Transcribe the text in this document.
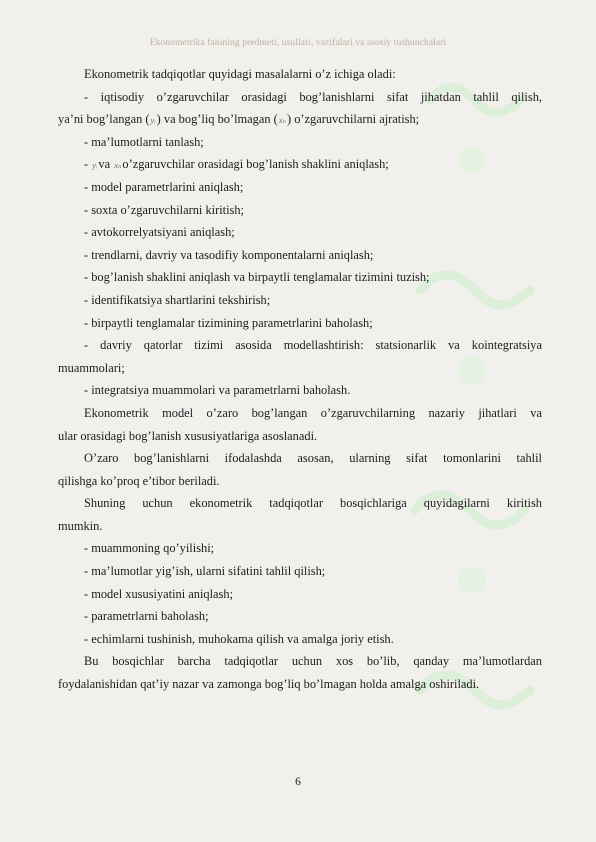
Ekonometrika fanining predmeti, usullari, vazifalari va asosiy tushunchalari
Ekonometrik tadqiqotlar quyidagi masalalarni o’z ichiga oladi:
- iqtisodiy o’zgaruvchilar orasidagi bog’lanishlarni sifat jihatdan tahlil qilish,
ya’ni bog’langan (yᵢ) va bog’liq bo’lmagan (xₙ) o’zgaruvchilarni ajratish;
- ma’lumotlarni tanlash;
- yᵢva xₙo’zgaruvchilar orasidagi bog’lanish shaklini aniqlash;
- model parametrlarini aniqlash;
- soxta o’zgaruvchilarni kiritish;
- avtokorrelyatsiyani aniqlash;
- trendlarni, davriy va tasodifiy komponentalarni aniqlash;
- bog’lanish shaklini aniqlash va birpaytli tenglamalar tizimini tuzish;
- identifikatsiya shartlarini tekshirish;
- birpaytli tenglamalar tizimining parametrlarini baholash;
- davriy qatorlar tizimi asosida modellashtirish: statsionarlik va kointegratsiya
muammolari;
- integratsiya muammolari va parametrlarni baholash.
Ekonometrik model o’zaro bog’langan o’zgaruvchilarning nazariy jihatlari va
ular orasidagi bog’lanish xususiyatlariga asoslanadi.
O’zaro bog’lanishlarni ifodalashda asosan, ularning sifat tomonlarini tahlil
qilishga ko’proq e’tibor beriladi.
Shuning uchun ekonometrik tadqiqotlar bosqichlariga quyidagilarni kiritish
mumkin.
- muammoning qo’yilishi;
- ma’lumotlar yig’ish, ularni sifatini tahlil qilish;
- model xususiyatini aniqlash;
- parametrlarni baholash;
- echimlarni tushinish, muhokama qilish va amalga joriy etish.
Bu bosqichlar barcha tadqiqotlar uchun xos bo’lib, qanday ma’lumotlardan
foydalanishidan qat’iy nazar va zamonga bog’liq bo’lmagan holda amalga oshiriladi.
6
